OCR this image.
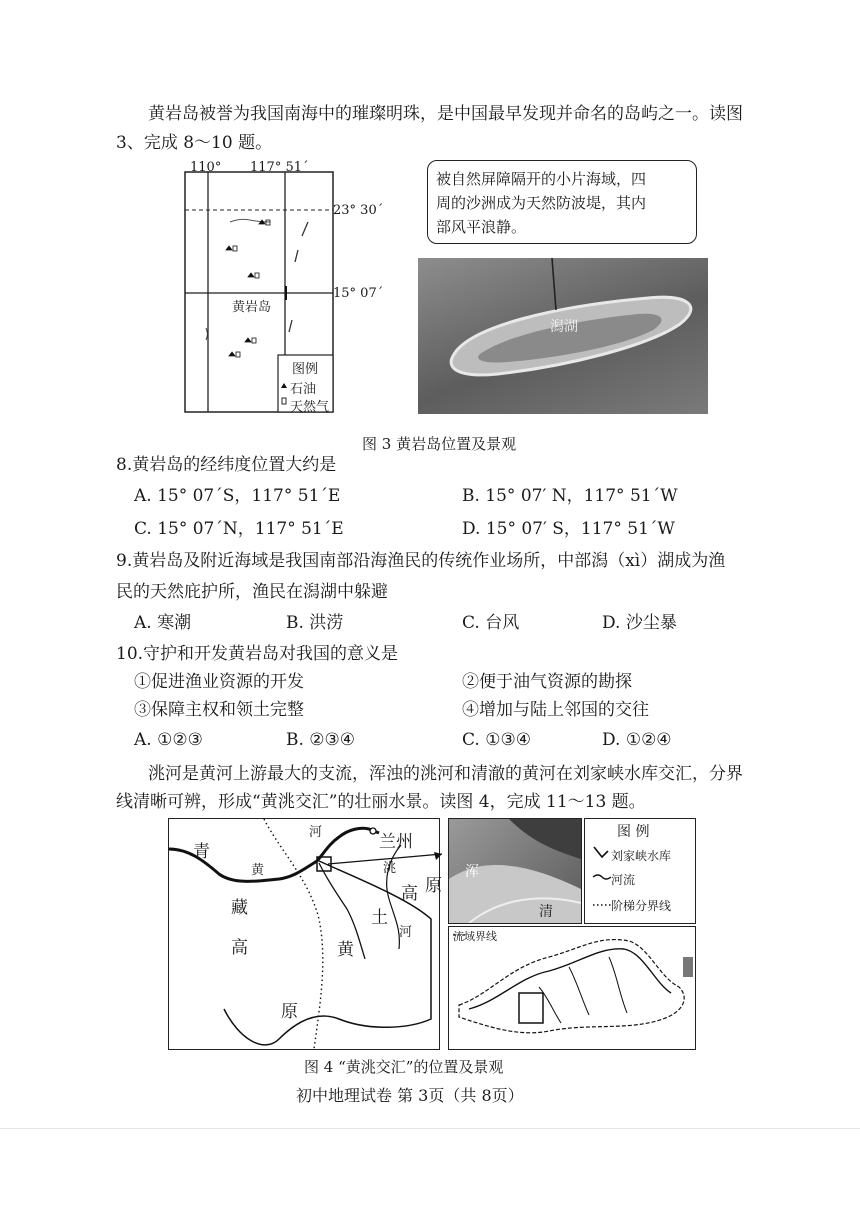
黄岩岛被誉为我国南海中的璀璨明珠，是中国最早发现并命名的岛屿之一。读图
3、完成 8～10 题。
110° 117° 51´
23° 30´
15° 07´
黄岩岛
图例
石油
天然气
被自然屏障隔开的小片海域，四
周的沙洲成为天然防波堤，其内
部风平浪静。
潟湖
图 3 黄岩岛位置及景观
8.黄岩岛的经纬度位置大约是
A. 15° 07´S，117° 51´E	B. 15° 07′ N，117° 51´W
C. 15° 07´N，117° 51´E	D. 15° 07′ S，117° 51´W
9.黄岩岛及附近海域是我国南部沿海渔民的传统作业场所，中部潟（xì）湖成为渔
民的天然庇护所，渔民在潟湖中躲避
A. 寒潮	B. 洪涝	C. 台风	D. 沙尘暴
10.守护和开发黄岩岛对我国的意义是
①促进渔业资源的开发	②便于油气资源的勘探
③保障主权和领土完整	④增加与陆上邻国的交往
A. ①②③	B. ②③④	C. ①③④	D. ①②④
洮河是黄河上游最大的支流，浑浊的洮河和清澈的黄河在刘家峡水库交汇，分界
线清晰可辨，形成“黄洮交汇”的壮丽水景。读图 4，完成 11～13 题。
河	兰州
青
黄
藏
高
原
洮
原
高
土
河
黄
浑
清
图 例
刘家峡水库
河流
阶梯分界线
流域界线
图 4 “黄洮交汇”的位置及景观
初中地理试卷 第 3页（共 8页）
